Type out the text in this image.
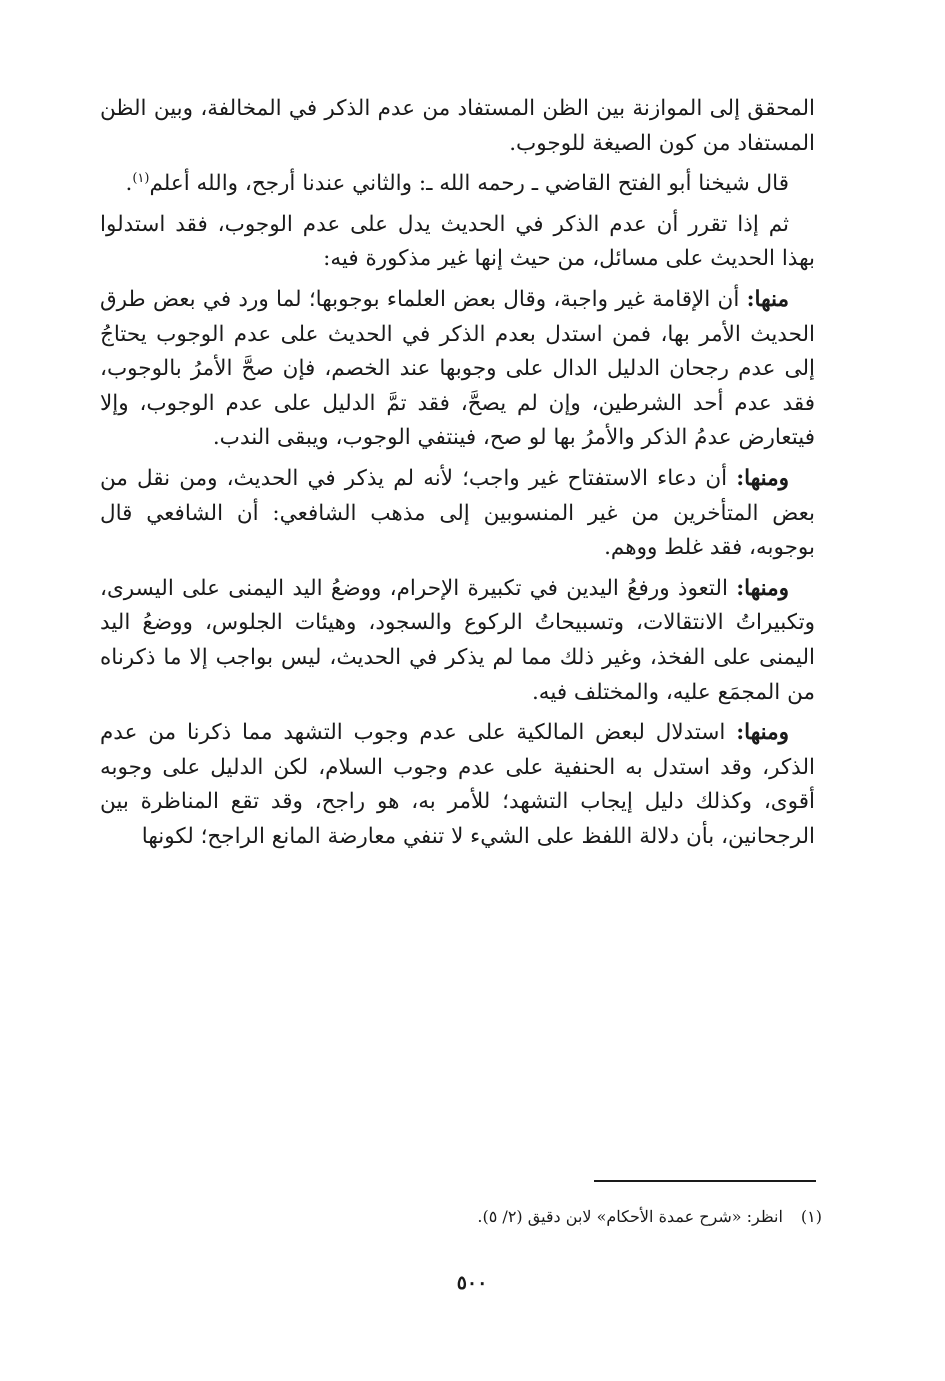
المحقق إلى الموازنة بين الظن المستفاد من عدم الذكر في المخالفة، وبين الظن المستفاد من كون الصيغة للوجوب.

قال شيخنا أبو الفتح القاضي ـ رحمه الله ـ: والثاني عندنا أرجح، والله أعلم$^{(١)}$.

ثم إذا تقرر أن عدم الذكر في الحديث يدل على عدم الوجوب، فقد استدلوا بهذا الحديث على مسائل، من حيث إنها غير مذكورة فيه:

منها: أن الإقامة غير واجبة، وقال بعض العلماء بوجوبها؛ لما ورد في بعض طرق الحديث الأمر بها، فمن استدل بعدم الذكر في الحديث على عدم الوجوب يحتاجُ إلى عدم رجحان الدليل الدال على وجوبها عند الخصم، فإن صحَّ الأمرُ بالوجوب، فقد عدم أحد الشرطين، وإن لم يصحَّ، فقد تمَّ الدليل على عدم الوجوب، وإلا فيتعارض عدمُ الذكر والأمرُ بها لو صح، فينتفي الوجوب، ويبقى الندب.

ومنها: أن دعاء الاستفتاح غير واجب؛ لأنه لم يذكر في الحديث، ومن نقل من بعض المتأخرين من غير المنسوبين إلى مذهب الشافعي: أن الشافعي قال بوجوبه، فقد غلط ووهم.

ومنها: التعوذ ورفعُ اليدين في تكبيرة الإحرام، ووضعُ اليد اليمنى على اليسرى، وتكبيراتُ الانتقالات، وتسبيحاتُ الركوع والسجود، وهيئات الجلوس، ووضعُ اليد اليمنى على الفخذ، وغير ذلك مما لم يذكر في الحديث، ليس بواجب إلا ما ذكرناه من المجمَع عليه، والمختلف فيه.

ومنها: استدلال لبعض المالكية على عدم وجوب التشهد مما ذكرنا من عدم الذكر، وقد استدل به الحنفية على عدم وجوب السلام، لكن الدليل على وجوبه أقوى، وكذلك دليل إيجاب التشهد؛ للأمر به، هو راجح، وقد تقع المناظرة بين الرجحانين، بأن دلالة اللفظ على الشيء لا تنفي معارضة المانع الراجح؛ لكونها

(١)انظر: «شرح عمدة الأحكام» لابن دقيق (٢/ ٥).
٥٠٠
